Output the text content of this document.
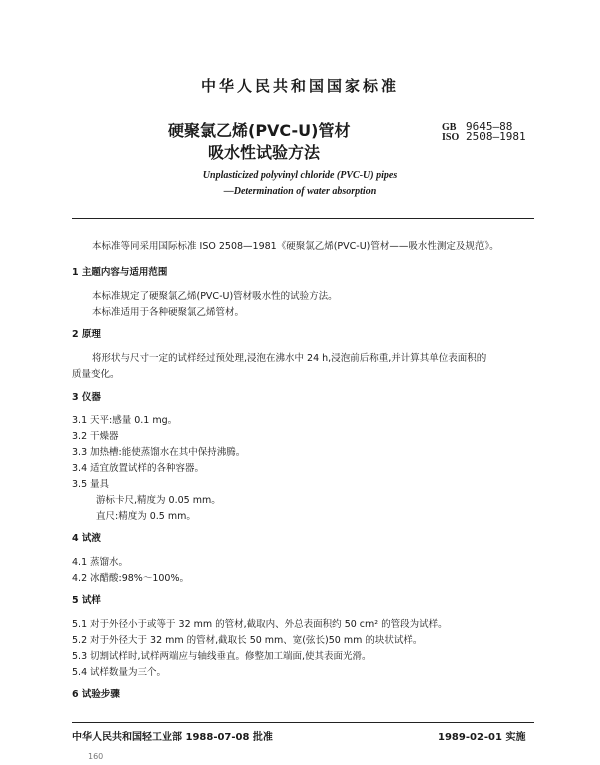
中华人民共和国国家标准
硬聚氯乙烯(PVC-U)管材
吸水性试验方法
GB 9645—88
ISO 2508—1981
Unplasticized polyvinyl chloride (PVC-U) pipes
—Determination of water absorption
本标准等同采用国际标准 ISO 2508—1981《硬聚氯乙烯(PVC-U)管材——吸水性测定及规范》。
1 主题内容与适用范围
本标准规定了硬聚氯乙烯(PVC-U)管材吸水性的试验方法。
本标准适用于各种硬聚氯乙烯管材。
2 原理
将形状与尺寸一定的试样经过预处理,浸泡在沸水中 24 h,浸泡前后称重,并计算其单位表面积的
质量变化。
3 仪器
3.1 天平:感量 0.1 mg。
3.2 干燥器
3.3 加热槽:能使蒸馏水在其中保持沸腾。
3.4 适宜放置试样的各种容器。
3.5 量具
游标卡尺,精度为 0.05 mm。
直尺:精度为 0.5 mm。
4 试液
4.1 蒸馏水。
4.2 冰醋酸:98%～100%。
5 试样
5.1 对于外径小于或等于 32 mm 的管材,截取内、外总表面积约 50 cm² 的管段为试样。
5.2 对于外径大于 32 mm 的管材,截取长 50 mm、宽(弦长)50 mm 的块状试样。
5.3 切割试样时,试样两端应与轴线垂直。修整加工端面,使其表面光滑。
5.4 试样数量为三个。
6 试验步骤
中华人民共和国轻工业部 1988-07-08 批准	1989-02-01 实施
160
